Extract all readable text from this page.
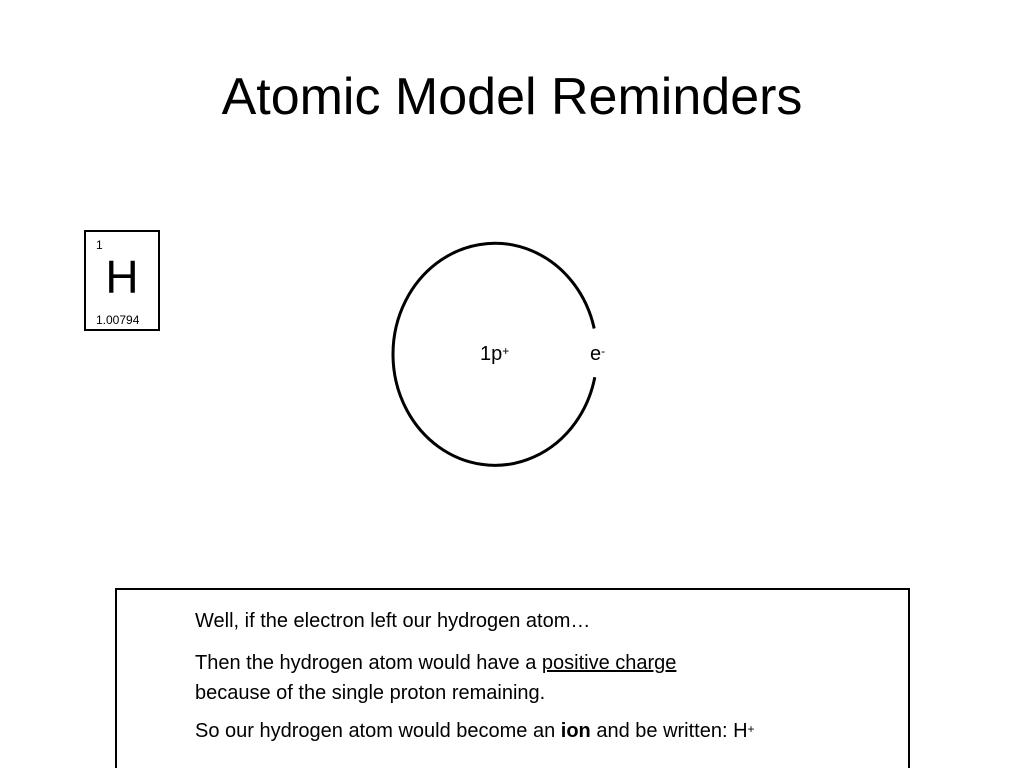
Atomic Model Reminders
1
H
1.00794
1p+	e-

Well, if the electron left our hydrogen atom…

Then the hydrogen atom would have a positive charge

because of the single proton remaining.

So our hydrogen atom would become an ion and be written: H+
